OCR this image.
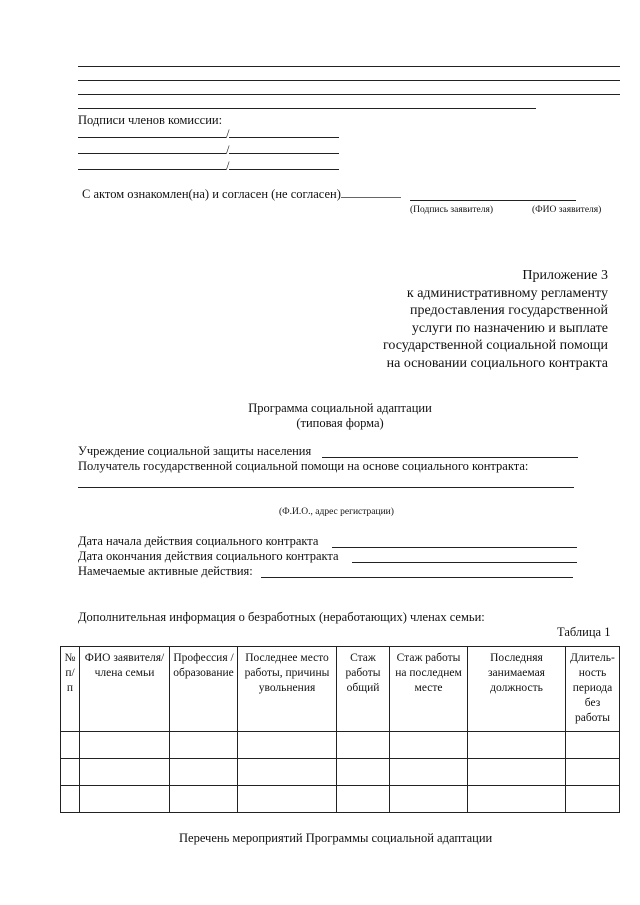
Подписи членов комиссии:
/
/
/
С актом ознакомлен(на) и согласен (не согласен)
(Подпись заявителя)	(ФИО заявителя)
Приложение 3
к административному регламенту
предоставления государственной
услуги по назначению и выплате
государственной социальной помощи
на основании социального контракта
Программа социальной адаптации
(типовая форма)
Учреждение социальной защиты населения
Получатель государственной социальной помощи на основе социального контракта:
(Ф.И.О., адрес регистрации)
Дата начала действия социального контракта
Дата окончания действия социального контракта
Намечаемые активные действия:
Дополнительная информация о безработных (неработающих) членах семьи:
Таблица 1
№ п/п	ФИО заявителя/ члена семьи	Профессия /образование	Последнее место работы, причины увольнения	Стаж работы общий	Стаж работы на последнем месте	Последняя занимаемая должность	Длитель-ность периода без работы

Перечень мероприятий Программы социальной адаптации
